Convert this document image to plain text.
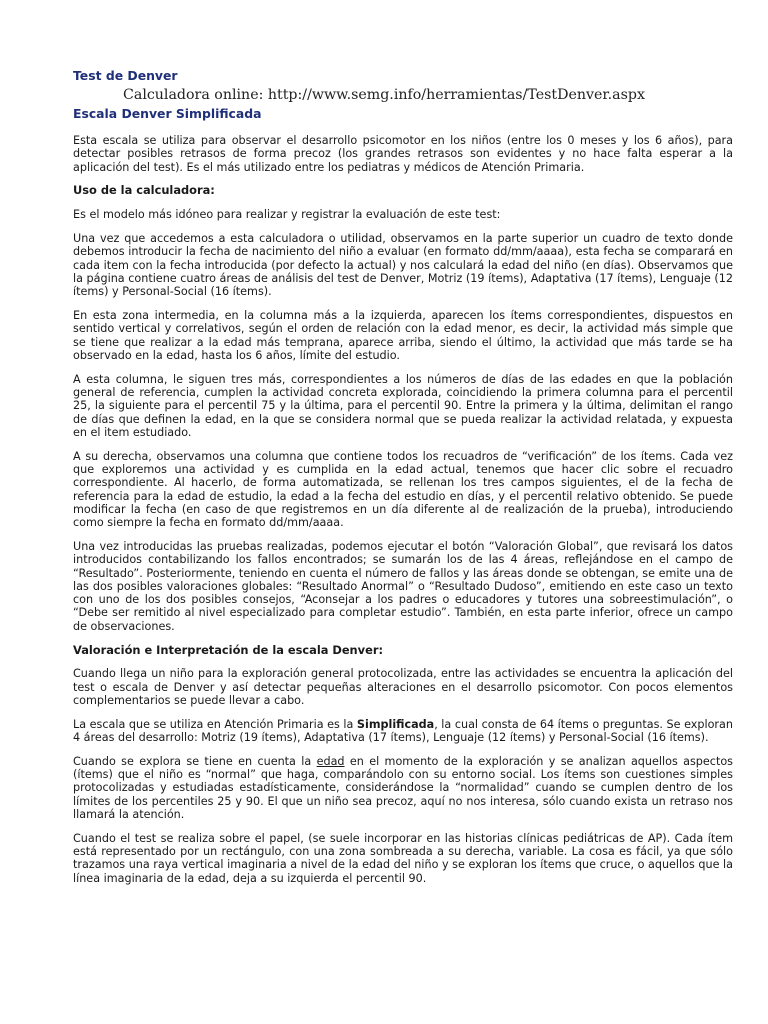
Test de Denver
Calculadora online: http://www.semg.info/herramientas/TestDenver.aspx
Escala Denver Simplificada

Esta escala se utiliza para observar el desarrollo psicomotor en los niños (entre los 0 meses y los 6 años), para detectar posibles retrasos de forma precoz (los grandes retrasos son evidentes y no hace falta esperar a la aplicación del test). Es el más utilizado entre los pediatras y médicos de Atención Primaria.

Uso de la calculadora:

Es el modelo más idóneo para realizar y registrar la evaluación de este test:

Una vez que accedemos a esta calculadora o utilidad, observamos en la parte superior un cuadro de texto donde debemos introducir la fecha de nacimiento del niño a evaluar (en formato dd/mm/aaaa), esta fecha se comparará en cada item con la fecha introducida (por defecto la actual) y nos calculará la edad del niño (en días). Observamos que la página contiene cuatro áreas de análisis del test de Denver, Motriz (19 ítems), Adaptativa (17 ítems), Lenguaje (12 ítems) y Personal-Social (16 ítems).

En esta zona intermedia, en la columna más a la izquierda, aparecen los ítems correspondientes, dispuestos en sentido vertical y correlativos, según el orden de relación con la edad menor, es decir, la actividad más simple que se tiene que realizar a la edad más temprana, aparece arriba, siendo el último, la actividad que más tarde se ha observado en la edad, hasta los 6 años, límite del estudio.

A esta columna, le siguen tres más, correspondientes a los números de días de las edades en que la población general de referencia, cumplen la actividad concreta explorada, coincidiendo la primera columna para el percentil 25, la siguiente para el percentil 75 y la última, para el percentil 90. Entre la primera y la última, delimitan el rango de días que definen la edad, en la que se considera normal que se pueda realizar la actividad relatada, y expuesta en el item estudiado.

A su derecha, observamos una columna que contiene todos los recuadros de “verificación” de los ítems. Cada vez que exploremos una actividad y es cumplida en la edad actual, tenemos que hacer clic sobre el recuadro correspondiente. Al hacerlo, de forma automatizada, se rellenan los tres campos siguientes, el de la fecha de referencia para la edad de estudio, la edad a la fecha del estudio en días, y el percentil relativo obtenido. Se puede modificar la fecha (en caso de que registremos en un día diferente al de realización de la prueba), introduciendo como siempre la fecha en formato dd/mm/aaaa.

Una vez introducidas las pruebas realizadas, podemos ejecutar el botón “Valoración Global”, que revisará los datos introducidos contabilizando los fallos encontrados; se sumarán los de las 4 áreas, reflejándose en el campo de “Resultado”. Posteriormente, teniendo en cuenta el número de fallos y las áreas donde se obtengan, se emite una de las dos posibles valoraciones globales: “Resultado Anormal” o “Resultado Dudoso”, emitiendo en este caso un texto con uno de los dos posibles consejos, “Aconsejar a los padres o educadores y tutores una sobreestimulación”, o “Debe ser remitido al nivel especializado para completar estudio”. También, en esta parte inferior, ofrece un campo de observaciones.

Valoración e Interpretación de la escala Denver:

Cuando llega un niño para la exploración general protocolizada, entre las actividades se encuentra la aplicación del test o escala de Denver y así detectar pequeñas alteraciones en el desarrollo psicomotor. Con pocos elementos complementarios se puede llevar a cabo.

La escala que se utiliza en Atención Primaria es la Simplificada, la cual consta de 64 ítems o preguntas. Se exploran 4 áreas del desarrollo: Motriz (19 ítems), Adaptativa (17 ítems), Lenguaje (12 ítems) y Personal-Social (16 ítems).

Cuando se explora se tiene en cuenta la edad en el momento de la exploración y se analizan aquellos aspectos (ítems) que el niño es “normal” que haga, comparándolo con su entorno social. Los ítems son cuestiones simples protocolizadas y estudiadas estadísticamente, considerándose la “normalidad” cuando se cumplen dentro de los límites de los percentiles 25 y 90. El que un niño sea precoz, aquí no nos interesa, sólo cuando exista un retraso nos llamará la atención.

Cuando el test se realiza sobre el papel, (se suele incorporar en las historias clínicas pediátricas de AP). Cada ítem está representado por un rectángulo, con una zona sombreada a su derecha, variable. La cosa es fácil, ya que sólo trazamos una raya vertical imaginaria a nivel de la edad del niño y se exploran los ítems que cruce, o aquellos que la línea imaginaria de la edad, deja a su izquierda el percentil 90.
